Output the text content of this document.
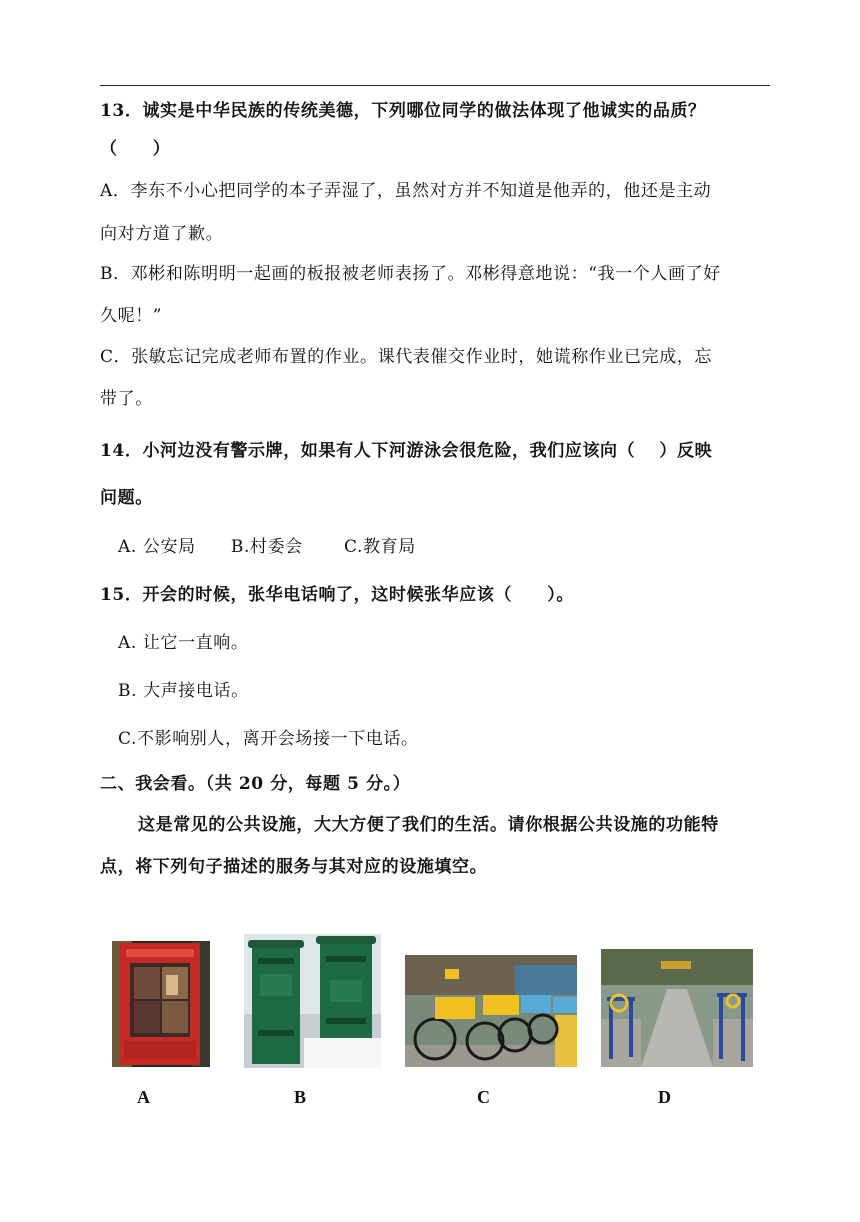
13．诚实是中华民族的传统美德，下列哪位同学的做法体现了他诚实的品质？
（　　）
A．李东不小心把同学的本子弄湿了，虽然对方并不知道是他弄的，他还是主动
向对方道了歉。
B．邓彬和陈明明一起画的板报被老师表扬了。邓彬得意地说：“我一个人画了好
久呢！”
C．张敏忘记完成老师布置的作业。课代表催交作业时，她谎称作业已完成，忘
带了。
14．小河边没有警示牌，如果有人下河游泳会很危险，我们应该向（　 ）反映
问题。
A. 公安局　　B.村委会　　 C.教育局
15．开会的时候，张华电话响了，这时候张华应该（　　）。
A. 让它一直响。
B. 大声接电话。
C.不影响别人，离开会场接一下电话。
二、我会看。（共 20 分，每题 5 分。）
这是常见的公共设施，大大方便了我们的生活。请你根据公共设施的功能特
点，将下列句子描述的服务与其对应的设施填空。
A	B	C	D
